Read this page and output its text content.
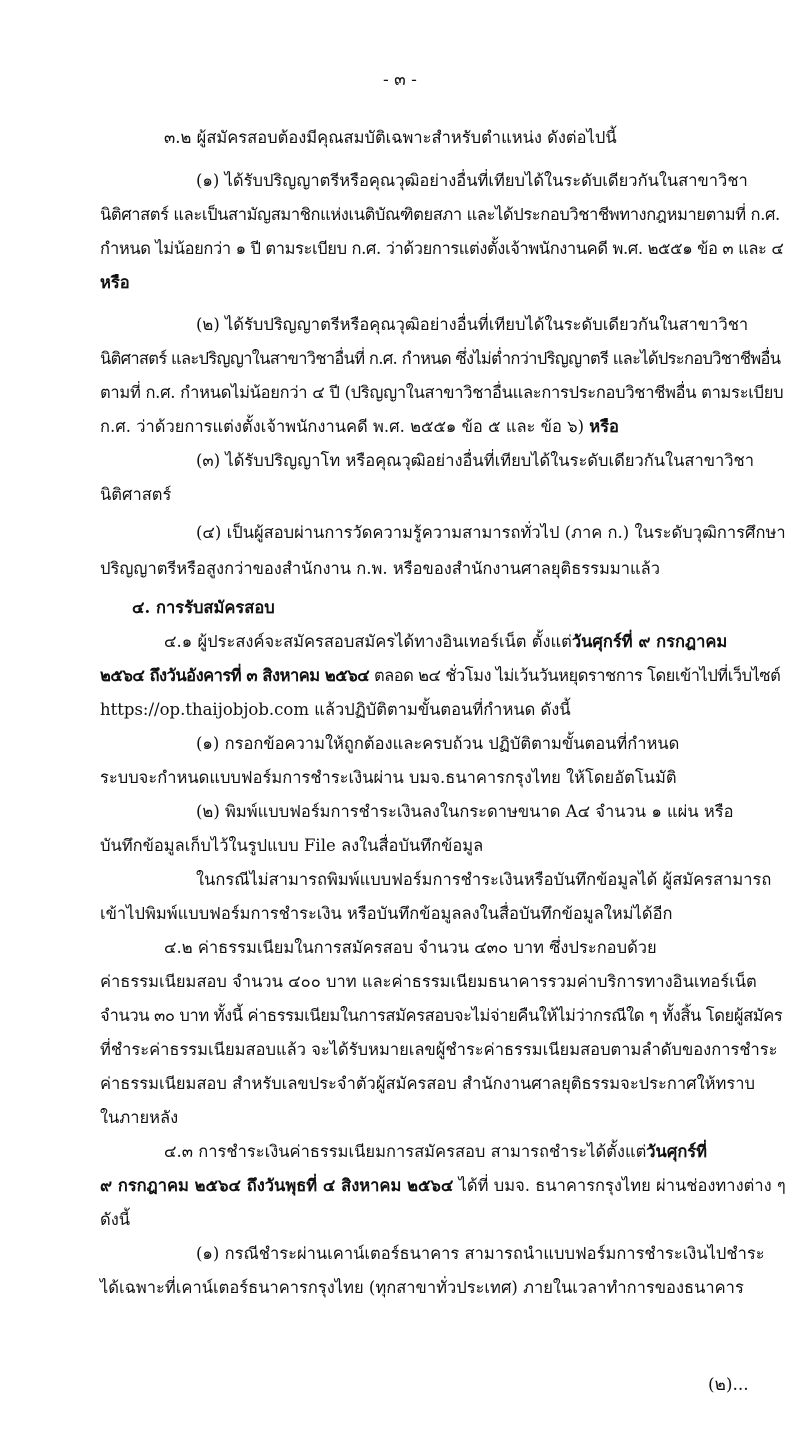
- ๓ -
๓.๒ ผู้สมัครสอบต้องมีคุณสมบัติเฉพาะสำหรับตำแหน่ง ดังต่อไปนี้
(๑) ได้รับปริญญาตรีหรือคุณวุฒิอย่างอื่นที่เทียบได้ในระดับเดียวกันในสาขาวิชา
นิติศาสตร์ และเป็นสามัญสมาชิกแห่งเนติบัณฑิตยสภา และได้ประกอบวิชาชีพทางกฎหมายตามที่ ก.ศ.
กำหนด ไม่น้อยกว่า ๑ ปี ตามระเบียบ ก.ศ. ว่าด้วยการแต่งตั้งเจ้าพนักงานคดี พ.ศ. ๒๕๕๑ ข้อ ๓ และ ๔
หรือ
(๒) ได้รับปริญญาตรีหรือคุณวุฒิอย่างอื่นที่เทียบได้ในระดับเดียวกันในสาขาวิชา
นิติศาสตร์ และปริญญาในสาขาวิชาอื่นที่ ก.ศ. กำหนด ซึ่งไม่ต่ำกว่าปริญญาตรี และได้ประกอบวิชาชีพอื่น
ตามที่ ก.ศ. กำหนดไม่น้อยกว่า ๔ ปี (ปริญญาในสาขาวิชาอื่นและการประกอบวิชาชีพอื่น ตามระเบียบ
ก.ศ. ว่าด้วยการแต่งตั้งเจ้าพนักงานคดี พ.ศ. ๒๕๕๑ ข้อ ๕ และ ข้อ ๖) หรือ
(๓) ได้รับปริญญาโท หรือคุณวุฒิอย่างอื่นที่เทียบได้ในระดับเดียวกันในสาขาวิชา
นิติศาสตร์
(๔) เป็นผู้สอบผ่านการวัดความรู้ความสามารถทั่วไป (ภาค ก.) ในระดับวุฒิการศึกษา
ปริญญาตรีหรือสูงกว่าของสำนักงาน ก.พ. หรือของสำนักงานศาลยุติธรรมมาแล้ว
๔. การรับสมัครสอบ
๔.๑ ผู้ประสงค์จะสมัครสอบสมัครได้ทางอินเทอร์เน็ต ตั้งแต่วันศุกร์ที่ ๙ กรกฎาคม
๒๕๖๔ ถึงวันอังคารที่ ๓ สิงหาคม ๒๕๖๔ ตลอด ๒๔ ชั่วโมง ไม่เว้นวันหยุดราชการ โดยเข้าไปที่เว็บไซต์
https://op.thaijobjob.com แล้วปฏิบัติตามขั้นตอนที่กำหนด ดังนี้
(๑) กรอกข้อความให้ถูกต้องและครบถ้วน ปฏิบัติตามขั้นตอนที่กำหนด
ระบบจะกำหนดแบบฟอร์มการชำระเงินผ่าน บมจ.ธนาคารกรุงไทย ให้โดยอัตโนมัติ
(๒) พิมพ์แบบฟอร์มการชำระเงินลงในกระดาษขนาด A๔ จำนวน ๑ แผ่น หรือ
บันทึกข้อมูลเก็บไว้ในรูปแบบ File ลงในสื่อบันทึกข้อมูล
ในกรณีไม่สามารถพิมพ์แบบฟอร์มการชำระเงินหรือบันทึกข้อมูลได้ ผู้สมัครสามารถ
เข้าไปพิมพ์แบบฟอร์มการชำระเงิน หรือบันทึกข้อมูลลงในสื่อบันทึกข้อมูลใหม่ได้อีก
๔.๒ ค่าธรรมเนียมในการสมัครสอบ จำนวน ๔๓๐ บาท ซึ่งประกอบด้วย
ค่าธรรมเนียมสอบ จำนวน ๔๐๐ บาท และค่าธรรมเนียมธนาคารรวมค่าบริการทางอินเทอร์เน็ต
จำนวน ๓๐ บาท ทั้งนี้ ค่าธรรมเนียมในการสมัครสอบจะไม่จ่ายคืนให้ไม่ว่ากรณีใด ๆ ทั้งสิ้น โดยผู้สมัคร
ที่ชำระค่าธรรมเนียมสอบแล้ว จะได้รับหมายเลขผู้ชำระค่าธรรมเนียมสอบตามลำดับของการชำระ
ค่าธรรมเนียมสอบ สำหรับเลขประจำตัวผู้สมัครสอบ สำนักงานศาลยุติธรรมจะประกาศให้ทราบ
ในภายหลัง
๔.๓ การชำระเงินค่าธรรมเนียมการสมัครสอบ สามารถชำระได้ตั้งแต่วันศุกร์ที่
๙ กรกฎาคม ๒๕๖๔ ถึงวันพุธที่ ๔ สิงหาคม ๒๕๖๔ ได้ที่ บมจ. ธนาคารกรุงไทย ผ่านช่องทางต่าง ๆ
ดังนี้
(๑) กรณีชำระผ่านเคาน์เตอร์ธนาคาร สามารถนำแบบฟอร์มการชำระเงินไปชำระ
ได้เฉพาะที่เคาน์เตอร์ธนาคารกรุงไทย (ทุกสาขาทั่วประเทศ) ภายในเวลาทำการของธนาคาร
(๒)...
